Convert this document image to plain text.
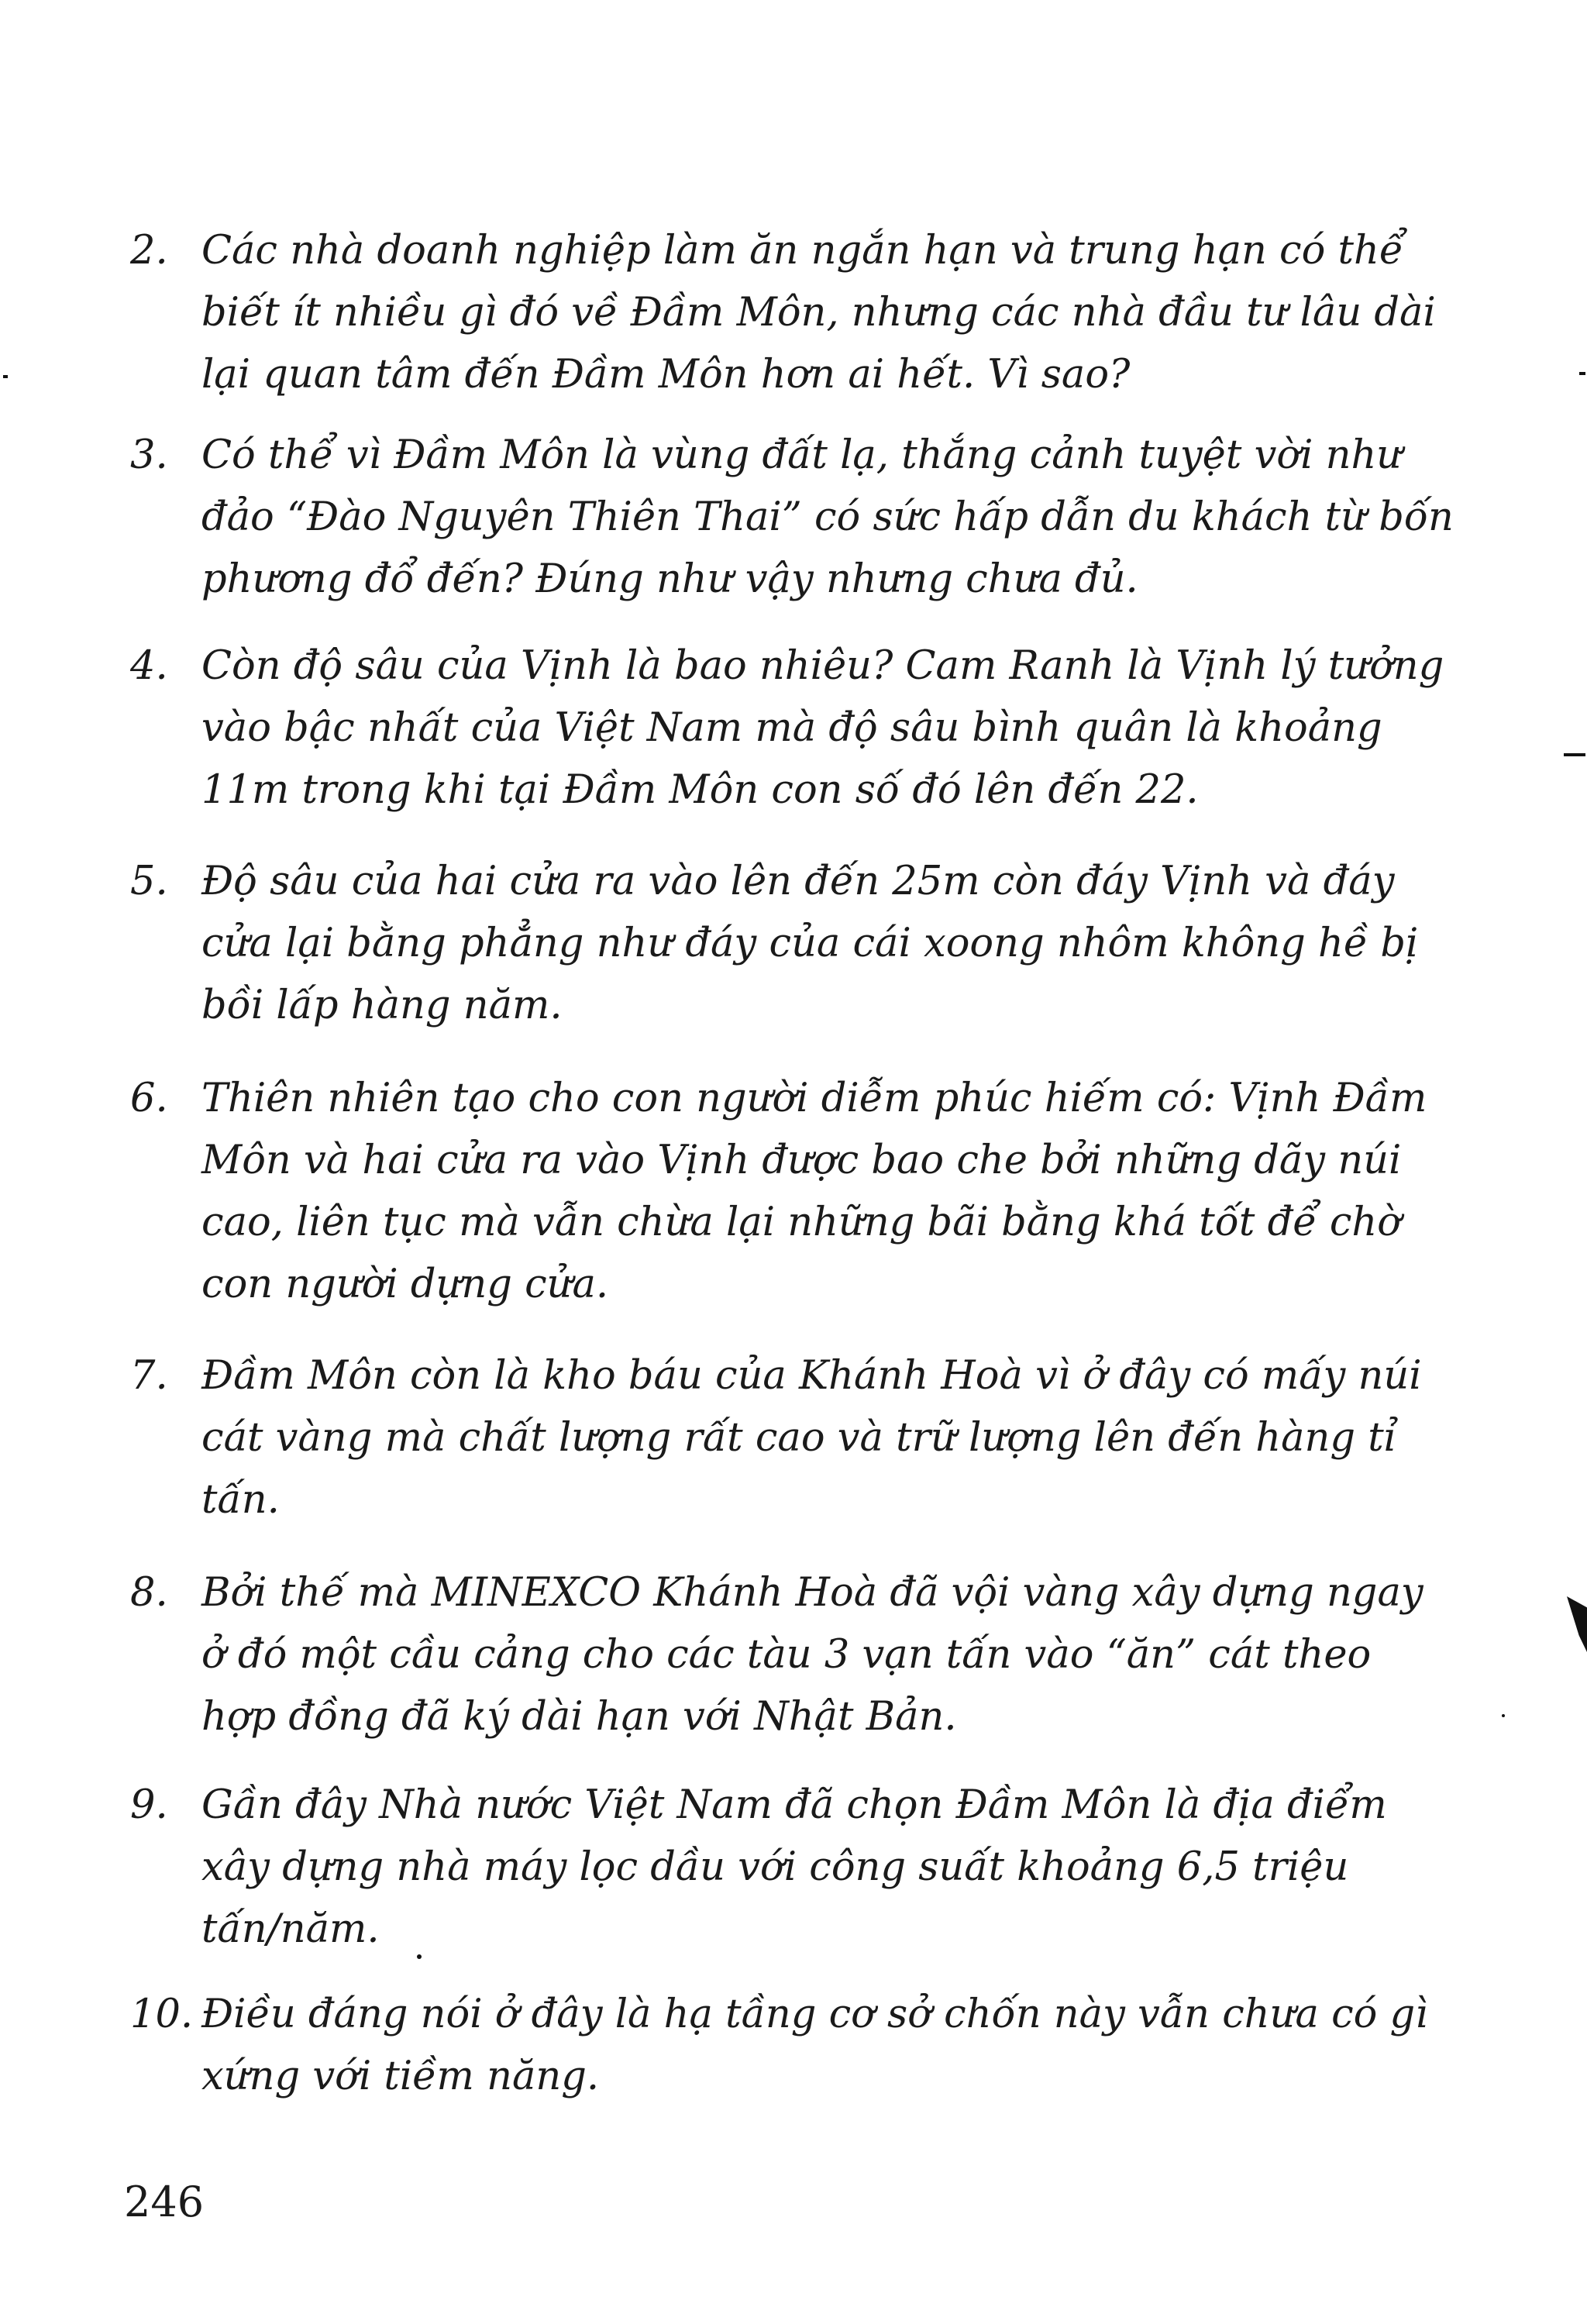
2. Các nhà doanh nghiệp làm ăn ngắn hạn và trung hạn có thể biết ít nhiều gì đó về Đầm Môn, nhưng các nhà đầu tư lâu dài lại quan tâm đến Đầm Môn hơn ai hết. Vì sao?
3. Có thể vì Đầm Môn là vùng đất lạ, thắng cảnh tuyệt vời như đảo “Đào Nguyên Thiên Thai” có sức hấp dẫn du khách từ bốn phương đổ đến? Đúng như vậy nhưng chưa đủ.
4. Còn độ sâu của Vịnh là bao nhiêu? Cam Ranh là Vịnh lý tưởng vào bậc nhất của Việt Nam mà độ sâu bình quân là khoảng 11m trong khi tại Đầm Môn con số đó lên đến 22.
5. Độ sâu của hai cửa ra vào lên đến 25m còn đáy Vịnh và đáy cửa lại bằng phẳng như đáy của cái xoong nhôm không hề bị bồi lấp hàng năm.
6. Thiên nhiên tạo cho con người diễm phúc hiếm có: Vịnh Đầm Môn và hai cửa ra vào Vịnh được bao che bởi những dãy núi cao, liên tục mà vẫn chừa lại những bãi bằng khá tốt để chờ con người dựng cửa.
7. Đầm Môn còn là kho báu của Khánh Hoà vì ở đây có mấy núi cát vàng mà chất lượng rất cao và trữ lượng lên đến hàng tỉ tấn.
8. Bởi thế mà MINEXCO Khánh Hoà đã vội vàng xây dựng ngay ở đó một cầu cảng cho các tàu 3 vạn tấn vào “ăn” cát theo hợp đồng đã ký dài hạn với Nhật Bản.
9. Gần đây Nhà nước Việt Nam đã chọn Đầm Môn là địa điểm xây dựng nhà máy lọc dầu với công suất khoảng 6,5 triệu tấn/năm.
10. Điều đáng nói ở đây là hạ tầng cơ sở chốn này vẫn chưa có gì xứng với tiềm năng.
246
